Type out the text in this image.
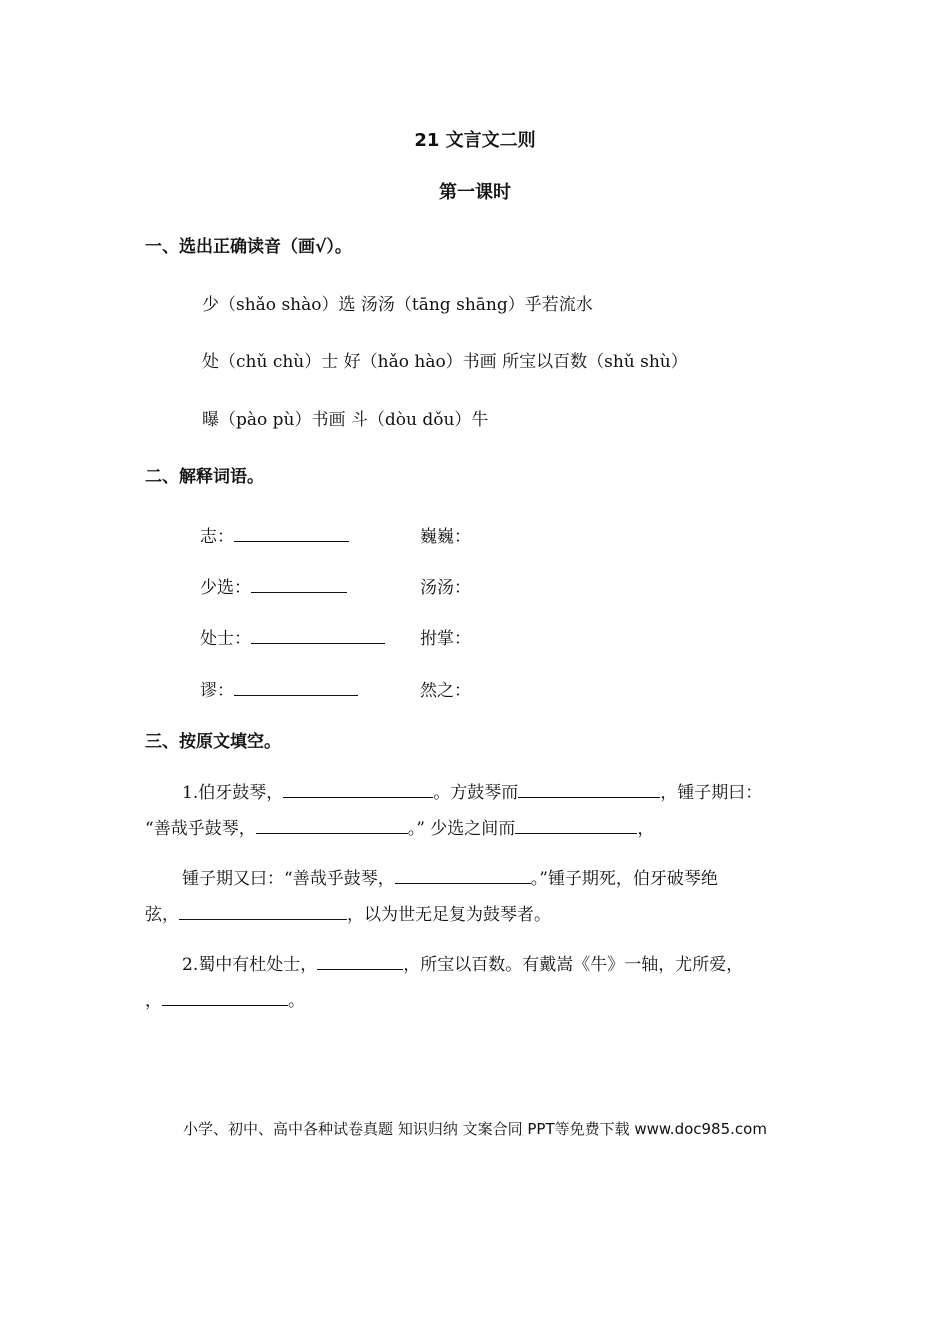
21 文言文二则
第一课时
一、选出正确读音（画√）。
少（shǎo shào）选 汤汤（tāng shāng）乎若流水
处（chǔ chù）士 好（hǎo hào）书画 所宝以百数（shǔ shù）
曝（pào pù）书画 斗（dòu dǒu）牛
二、解释词语。
志：	巍巍：
少选：	汤汤：
处士：	拊掌：
谬：	然之：
三、按原文填空。
1.伯牙鼓琴，	。方鼓琴而	，锺子期曰：
“善哉乎鼓琴，	。” 少选之间而	，
锺子期又曰：“善哉乎鼓琴，	。”锺子期死，伯牙破琴绝
弦，	，以为世无足复为鼓琴者。
2.蜀中有杜处士，	，所宝以百数。有戴嵩《牛》一轴，尤所爱，
，	。
小学、初中、高中各种试卷真题 知识归纳 文案合同 PPT等免费下载 www.doc985.com
